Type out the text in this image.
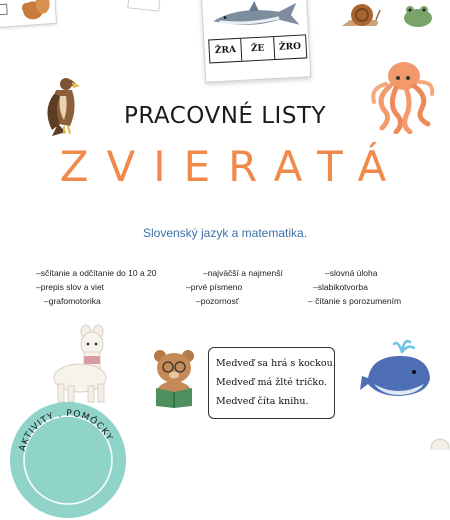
ŽRA	ŽE	ŽRO
PRACOVNÉ LISTY
ZVIERATÁ
Slovenský jazyk a matematika.
–sčítanie a odčítanie do 10 a 20	–najväčší a najmenší	–slovná úloha
–prepis slov a viet	–prvé písmeno	–slabikotvorba
–grafomotorika	–pozornosť	– čítanie s porozumením
Medveď sa hrá s kockou.
Medveď má žlté tričko.
Medveď číta knihu.
AKTIVITY . POMÔCKY
